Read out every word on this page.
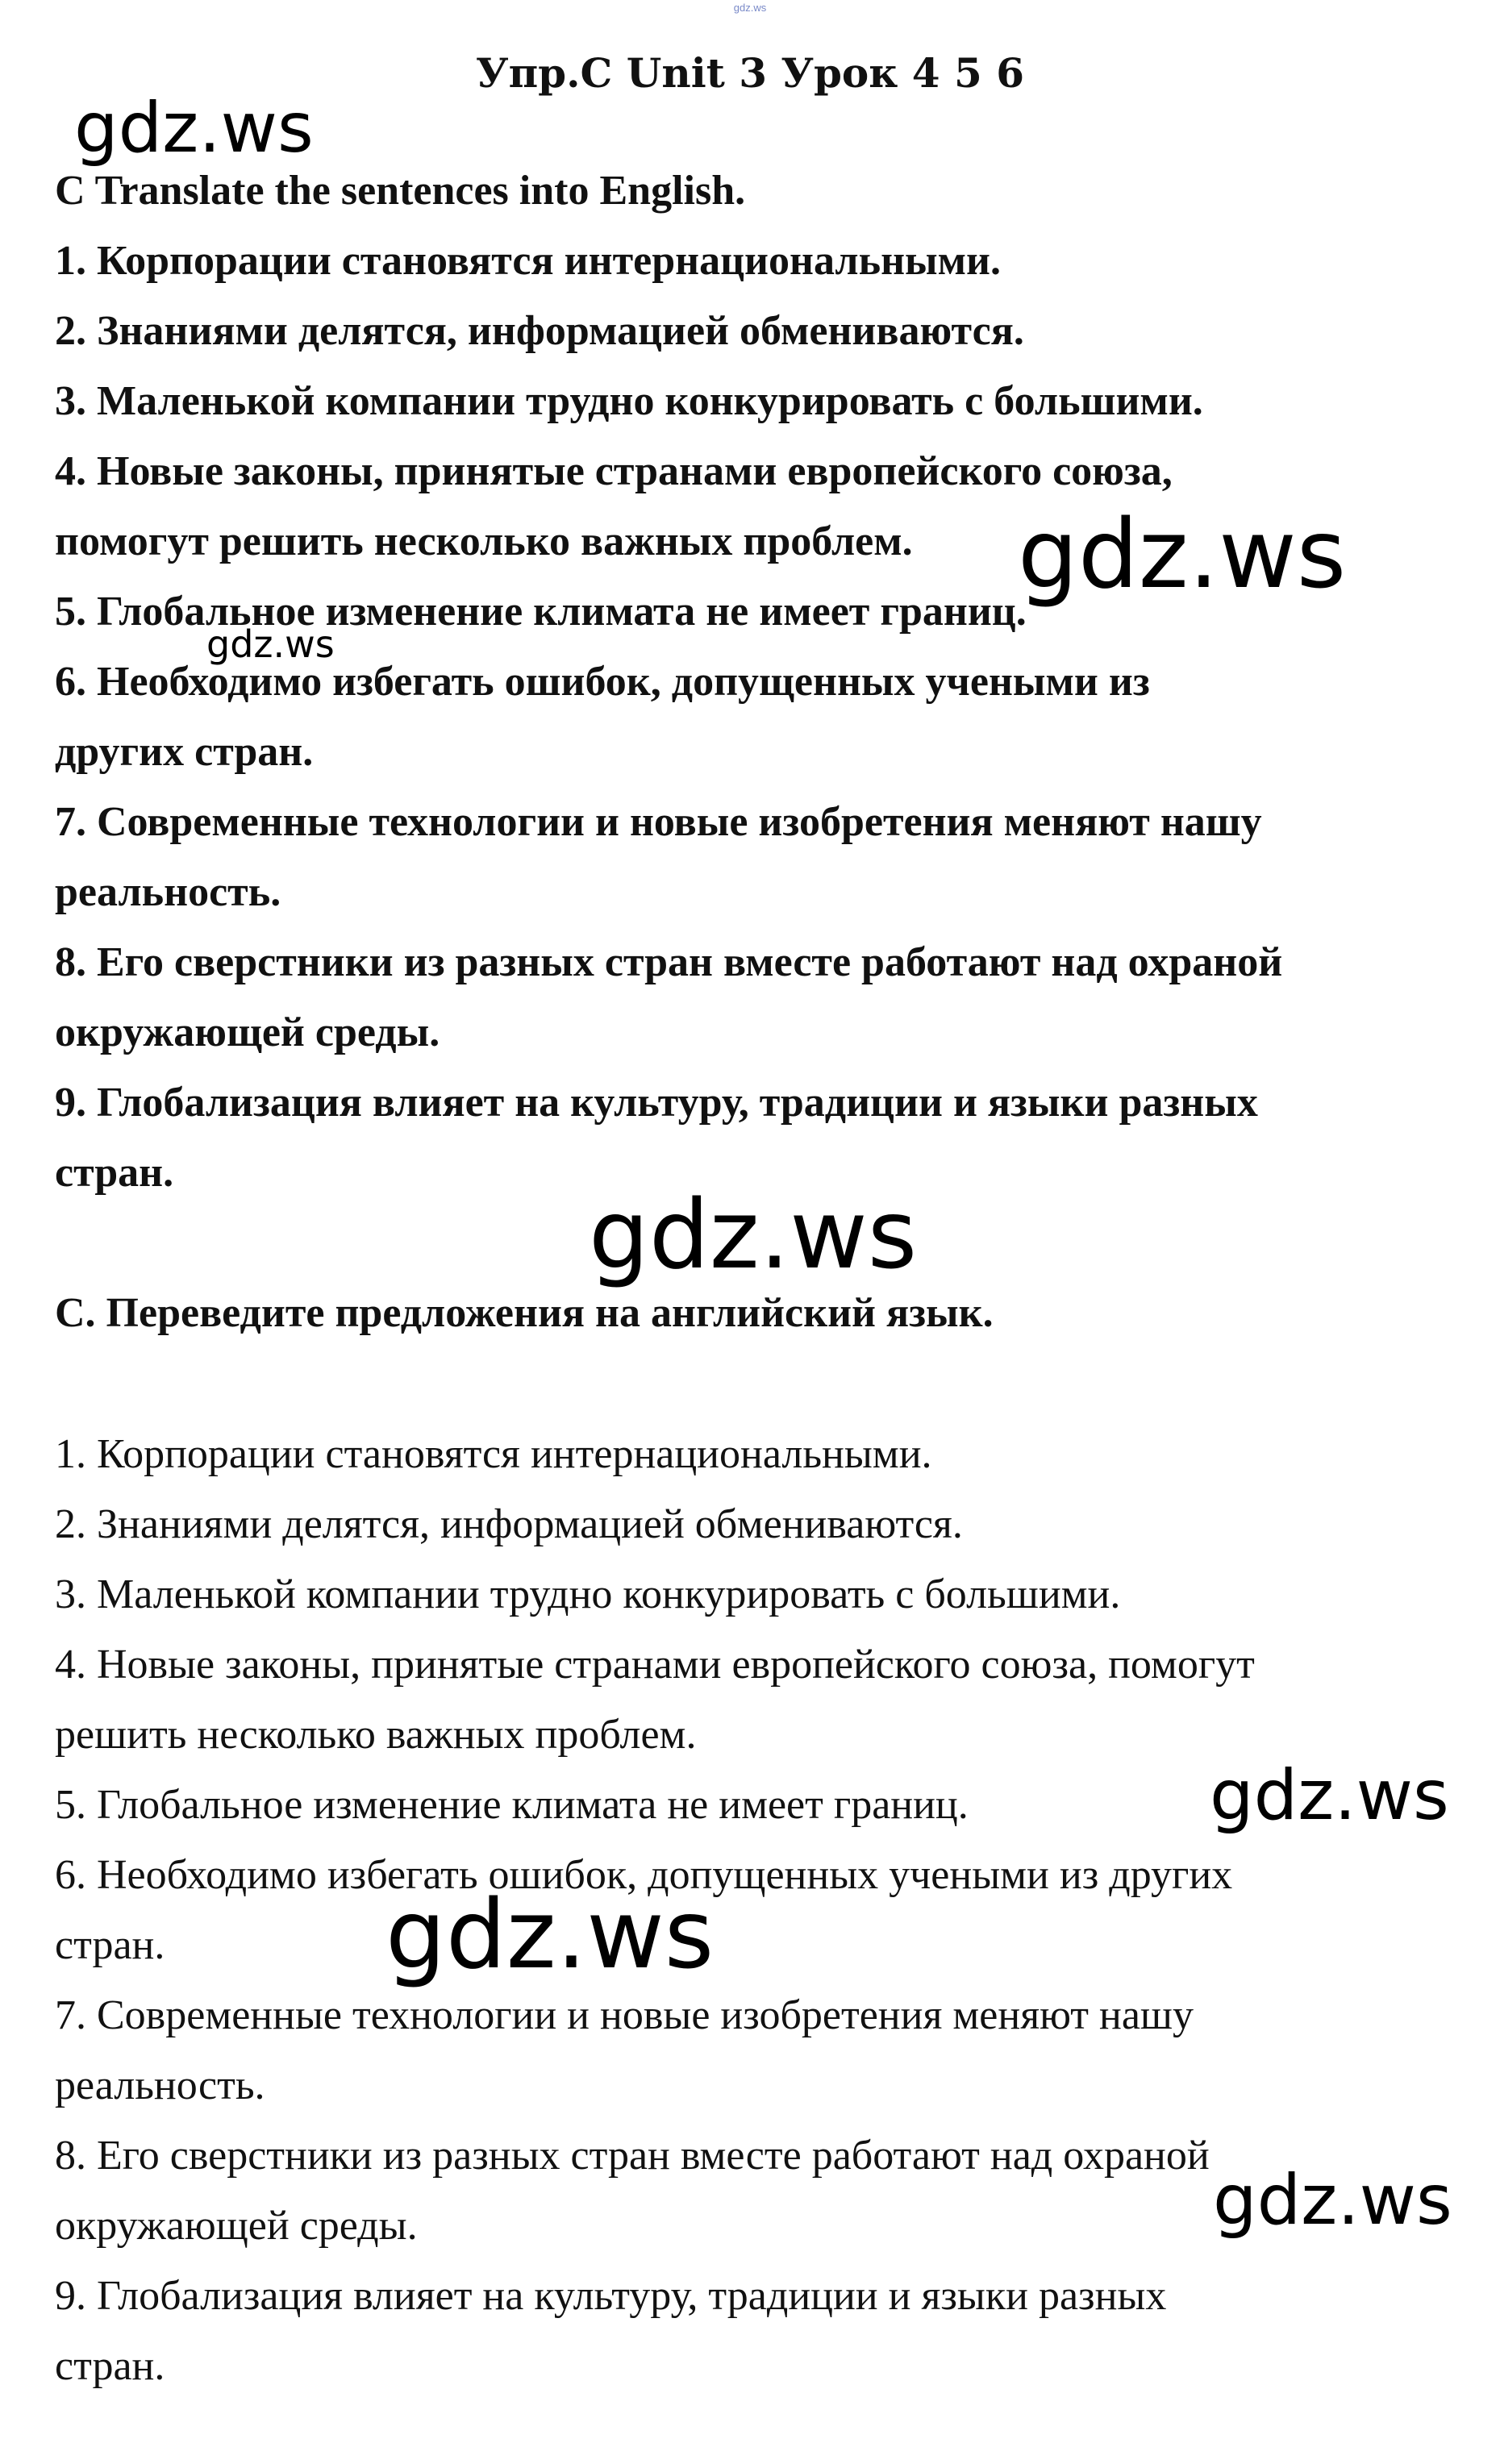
gdz.ws
Упр.C Unit 3 Урок 4 5 6
C Translate the sentences into English.
1. Корпорации становятся интернациональными.
2. Знаниями делятся, информацией обмениваются.
3. Маленькой компании трудно конкурировать с большими.
4. Новые законы, принятые странами европейского союза,
помогут решить несколько важных проблем.
5. Глобальное изменение климата не имеет границ.
6. Необходимо избегать ошибок, допущенных учеными из
других стран.
7. Современные технологии и новые изобретения меняют нашу
реальность.
8. Его сверстники из разных стран вместе работают над охраной
окружающей среды.
9. Глобализация влияет на культуру, традиции и языки разных
стран.

С. Переведите предложения на английский язык.
1. Корпорации становятся интернациональными.
2. Знаниями делятся, информацией обмениваются.
3. Маленькой компании трудно конкурировать с большими.
4. Новые законы, принятые странами европейского союза, помогут
решить несколько важных проблем.
5. Глобальное изменение климата не имеет границ.
6. Необходимо избегать ошибок, допущенных учеными из других
стран.
7. Современные технологии и новые изобретения меняют нашу
реальность.
8. Его сверстники из разных стран вместе работают над охраной
окружающей среды.
9. Глобализация влияет на культуру, традиции и языки разных
стран.
gdz.ws
gdz.ws
gdz.ws
gdz.ws
gdz.ws
gdz.ws
gdz.ws
